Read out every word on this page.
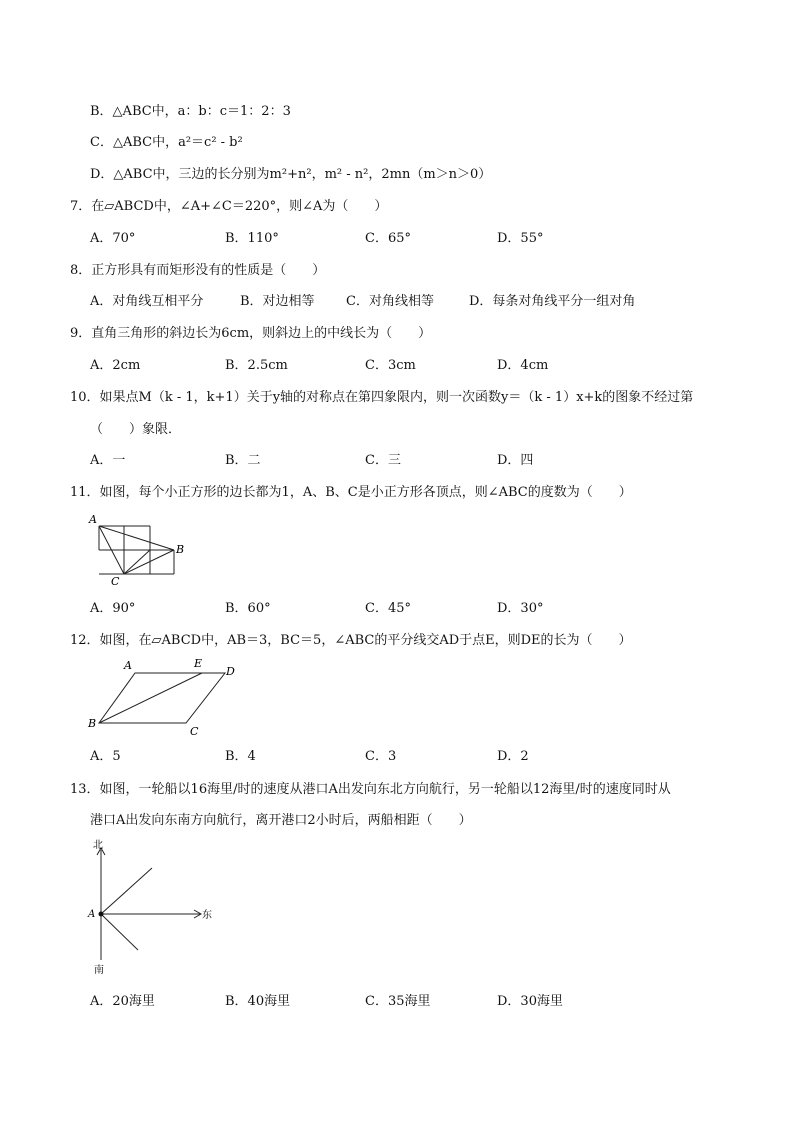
B．△ABC中，a：b：c＝1：2：3
C．△ABC中，a²＝c² - b²
D．△ABC中，三边的长分别为m²+n²，m² - n²，2mn（m＞n＞0）
7．在▱ABCD中，∠A+∠C＝220°，则∠A为（　　）
A．70°	B．110°	C．65°	D．55°
8．正方形具有而矩形没有的性质是（　　）
A．对角线互相平分	B．对边相等 C．对角线相等	D．每条对角线平分一组对角
9．直角三角形的斜边长为6cm，则斜边上的中线长为（　　）
A．2cm	B．2.5cm	C．3cm	D．4cm
10．如果点M（k - 1，k+1）关于y轴的对称点在第四象限内，则一次函数y＝（k - 1）x+k的图象不经过第
（　　）象限．
A．一	B．二	C．三	D．四
11．如图，每个小正方形的边长都为1，A、B、C是小正方形各顶点，则∠ABC的度数为（　　）
A
B
C
A．90°	B．60°	C．45°	D．30°
12．如图，在▱ABCD中，AB＝3，BC＝5，∠ABC的平分线交AD于点E，则DE的长为（　　）
A	E
D
B
C
A．5	B．4	C．3	D．2
13．如图，一轮船以16海里/时的速度从港口A出发向东北方向航行，另一轮船以12海里/时的速度同时从
港口A出发向东南方向航行，离开港口2小时后，两船相距（　　）
北
东
南
A
A．20海里	B．40海里	C．35海里	D．30海里
